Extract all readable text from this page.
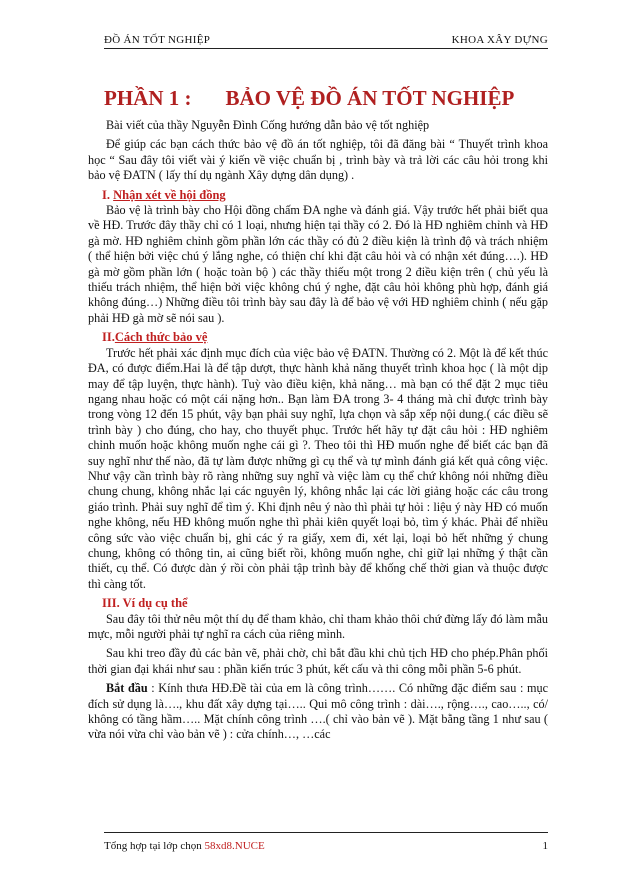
ĐỒ ÁN TỐT NGHIỆP	KHOA XÂY DỰNG
PHẦN 1 : BẢO VỆ ĐỒ ÁN TỐT NGHIỆP

Bài viết của thầy Nguyễn Đình Cống hướng dẫn bảo vệ tốt nghiệp

Để giúp các bạn cách thức bảo vệ đồ án tốt nghiệp, tôi đã đăng bài “ Thuyết trình khoa học “ Sau đây tôi viết vài ý kiến về việc chuẩn bị , trình bày và trả lời các câu hỏi trong khi bảo vệ ĐATN ( lấy thí dụ ngành Xây dựng dân dụng) .

I. Nhận xét về hội đồng

Bảo vệ là trình bày cho Hội đồng chấm ĐA nghe và đánh giá. Vậy trước hết phải biết qua về HĐ. Trước đây thầy chỉ có 1 loại, nhưng hiện tại thầy có 2. Đó là HĐ nghiêm chỉnh và HĐ gà mờ. HĐ nghiêm chỉnh gồm phần lớn các thầy có đủ 2 điều kiện là trình độ và trách nhiệm ( thể hiện bởi việc chú ý lắng nghe, có thiện chí khi đặt câu hỏi và có nhận xét đúng….). HĐ gà mờ gồm phần lớn ( hoặc toàn bộ ) các thầy thiếu một trong 2 điều kiện trên ( chủ yếu là thiếu trách nhiệm, thể hiện bởi việc không chú ý nghe, đặt câu hỏi không phù hợp, đánh giá không đúng…) Những điều tôi trình bày sau đây là để bảo vệ với HĐ nghiêm chỉnh ( nếu gặp phải HĐ gà mờ sẽ nói sau ).

II.Cách thức bảo vệ

Trước hết phải xác định mục đích của việc bảo vệ ĐATN. Thường có 2. Một là để kết thúc ĐA, có được điểm.Hai là để tập dượt, thực hành khả năng thuyết trình khoa học ( là một dịp may để tập luyện, thực hành). Tuỳ vào điều kiện, khả năng… mà bạn có thể đặt 2 mục tiêu ngang nhau hoặc có một cái nặng hơn.. Bạn làm ĐA trong 3- 4 tháng mà chỉ được trình bày trong vòng 12 đến 15 phút, vậy bạn phải suy nghĩ, lựa chọn và sắp xếp nội dung.( các điều sẽ trình bày ) cho đúng, cho hay, cho thuyết phục. Trước hết hãy tự đặt câu hỏi : HĐ nghiêm chỉnh muốn hoặc không muốn nghe cái gì ?. Theo tôi thì HĐ muốn nghe để biết các bạn đã suy nghĩ như thế nào, đã tự làm được những gì cụ thể và tự mình đánh giá kết quả công việc. Như vậy cần trình bày rõ ràng những suy nghĩ và việc làm cụ thể chứ không nói những điều chung chung, không nhắc lại các nguyên lý, không nhắc lại các lời giảng hoặc các câu trong giáo trình. Phải suy nghĩ để tìm ý. Khi định nêu ý nào thì phải tự hỏi : liệu ý này HĐ có muốn nghe không, nếu HĐ không muốn nghe thì phải kiên quyết loại bỏ, tìm ý khác. Phải để nhiều công sức vào việc chuẩn bị, ghi các ý ra giấy, xem đi, xét lại, loại bỏ hết những ý chung chung, không có thông tin, ai cũng biết rồi, không muốn nghe, chỉ giữ lại những ý thật cần thiết, cụ thể. Có được dàn ý rồi còn phải tập trình bày để khống chế thời gian và thuộc được thì càng tốt.

III. Ví dụ cụ thể

Sau đây tôi thử nêu một thí dụ để tham khảo, chỉ tham khảo thôi chứ đừng lấy đó làm mẫu mực, mỗi người phải tự nghĩ ra cách của riêng mình.

Sau khi treo đầy đủ các bản vẽ, phải chờ, chỉ bắt đầu khi chủ tịch HĐ cho phép.Phân phối thời gian đại khái như sau : phần kiến trúc 3 phút, kết cấu và thi công mỗi phần 5-6 phút.

Bắt đầu : Kính thưa HĐ.Đề tài của em là công trình……. Có những đặc điểm sau : mục đích sử dụng là…., khu đất xây dựng tại….. Qui mô công trình : dài…., rộng…., cao….., có/ không có tầng hầm….. Mặt chính công trình ….( chỉ vào bản vẽ ). Mặt bằng tầng 1 như sau ( vừa nói vừa chỉ vào bản vẽ ) : cửa chính…, …các

Tổng hợp tại lớp chọn 58xd8.NUCE	1
